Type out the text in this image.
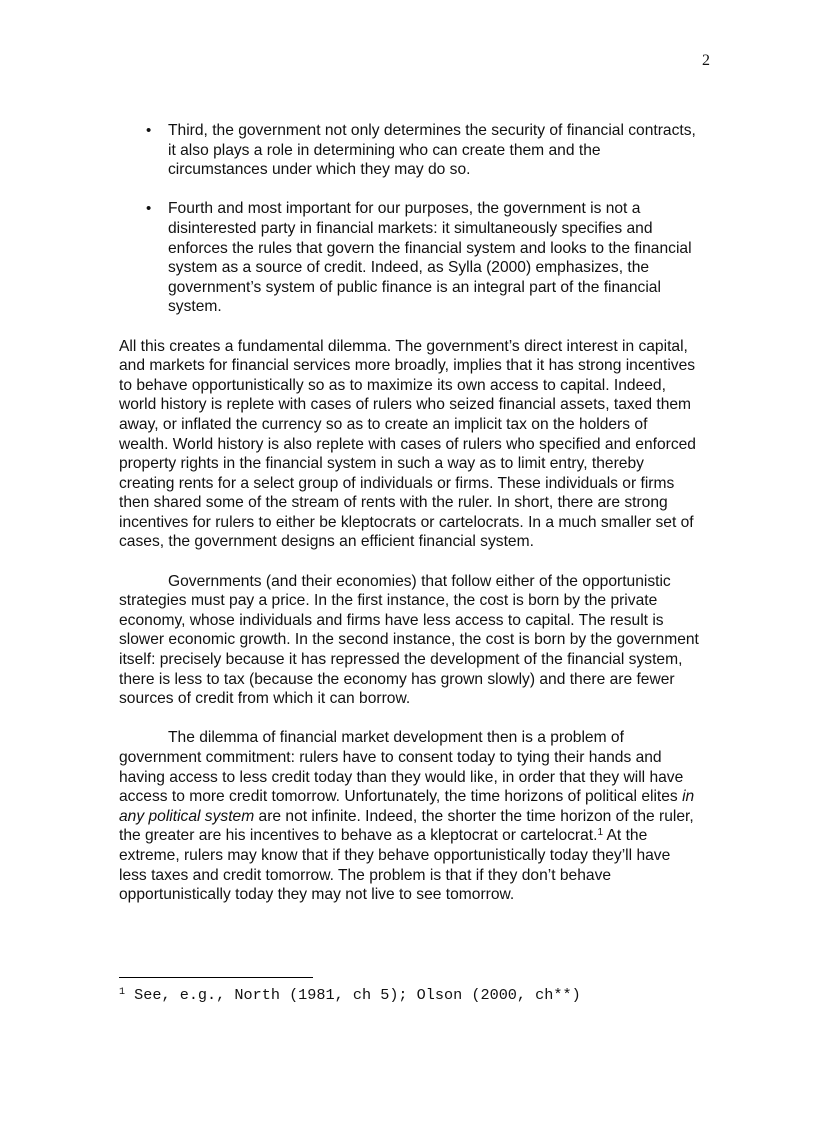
2
• Third, the government not only determines the security of financial contracts, it also plays a role in determining who can create them and the circumstances under which they may do so.
• Fourth and most important for our purposes, the government is not a disinterested party in financial markets: it simultaneously specifies and enforces the rules that govern the financial system and looks to the financial system as a source of credit. Indeed, as Sylla (2000) emphasizes, the government’s system of public finance is an integral part of the financial system.

All this creates a fundamental dilemma. The government’s direct interest in capital, and markets for financial services more broadly, implies that it has strong incentives to behave opportunistically so as to maximize its own access to capital. Indeed, world history is replete with cases of rulers who seized financial assets, taxed them away, or inflated the currency so as to create an implicit tax on the holders of wealth. World history is also replete with cases of rulers who specified and enforced property rights in the financial system in such a way as to limit entry, thereby creating rents for a select group of individuals or firms. These individuals or firms then shared some of the stream of rents with the ruler. In short, there are strong incentives for rulers to either be kleptocrats or cartelocrats. In a much smaller set of cases, the government designs an efficient financial system.

Governments (and their economies) that follow either of the opportunistic strategies must pay a price. In the first instance, the cost is born by the private economy, whose individuals and firms have less access to capital. The result is slower economic growth. In the second instance, the cost is born by the government itself: precisely because it has repressed the development of the financial system, there is less to tax (because the economy has grown slowly) and there are fewer sources of credit from which it can borrow.

The dilemma of financial market development then is a problem of government commitment: rulers have to consent today to tying their hands and having access to less credit today than they would like, in order that they will have access to more credit tomorrow. Unfortunately, the time horizons of political elites in any political system are not infinite. Indeed, the shorter the time horizon of the ruler, the greater are his incentives to behave as a kleptocrat or cartelocrat.$^1$ At the extreme, rulers may know that if they behave opportunistically today they’ll have less taxes and credit tomorrow. The problem is that if they don’t behave opportunistically today they may not live to see tomorrow.

$^1$ See, e.g., North (1981, ch 5); Olson (2000, ch**)
